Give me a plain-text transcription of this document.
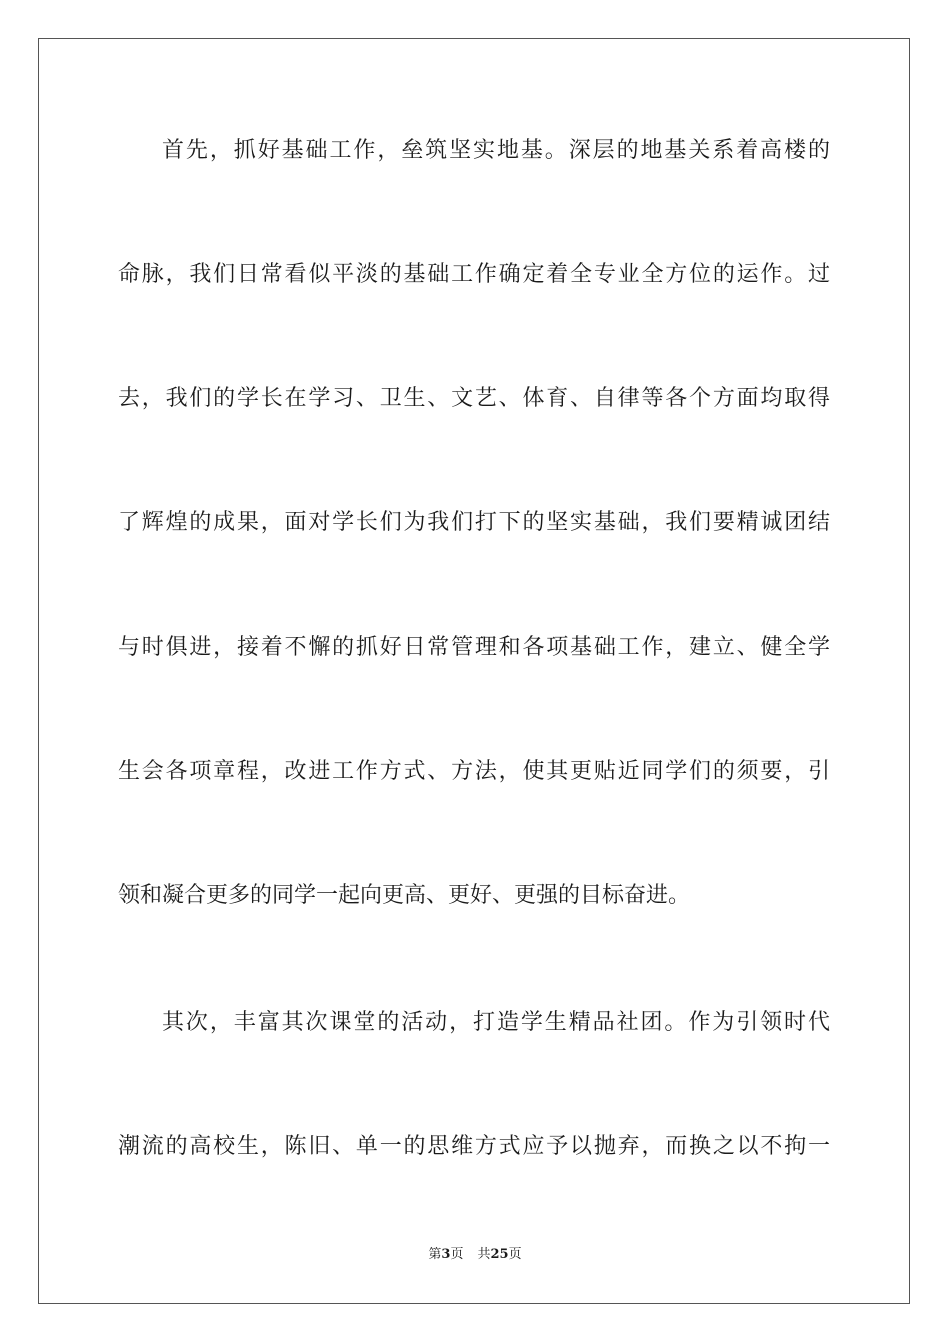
首先，抓好基础工作，垒筑坚实地基。深层的地基关系着高楼的
命脉，我们日常看似平淡的基础工作确定着全专业全方位的运作。过
去，我们的学长在学习、卫生、文艺、体育、自律等各个方面均取得
了辉煌的成果，面对学长们为我们打下的坚实基础，我们要精诚团结
与时俱进，接着不懈的抓好日常管理和各项基础工作，建立、健全学
生会各项章程，改进工作方式、方法，使其更贴近同学们的须要，引
领和凝合更多的同学一起向更高、更好、更强的目标奋进。
其次，丰富其次课堂的活动，打造学生精品社团。作为引领时代
潮流的高校生，陈旧、单一的思维方式应予以抛弃，而换之以不拘一
第3页 共25页
